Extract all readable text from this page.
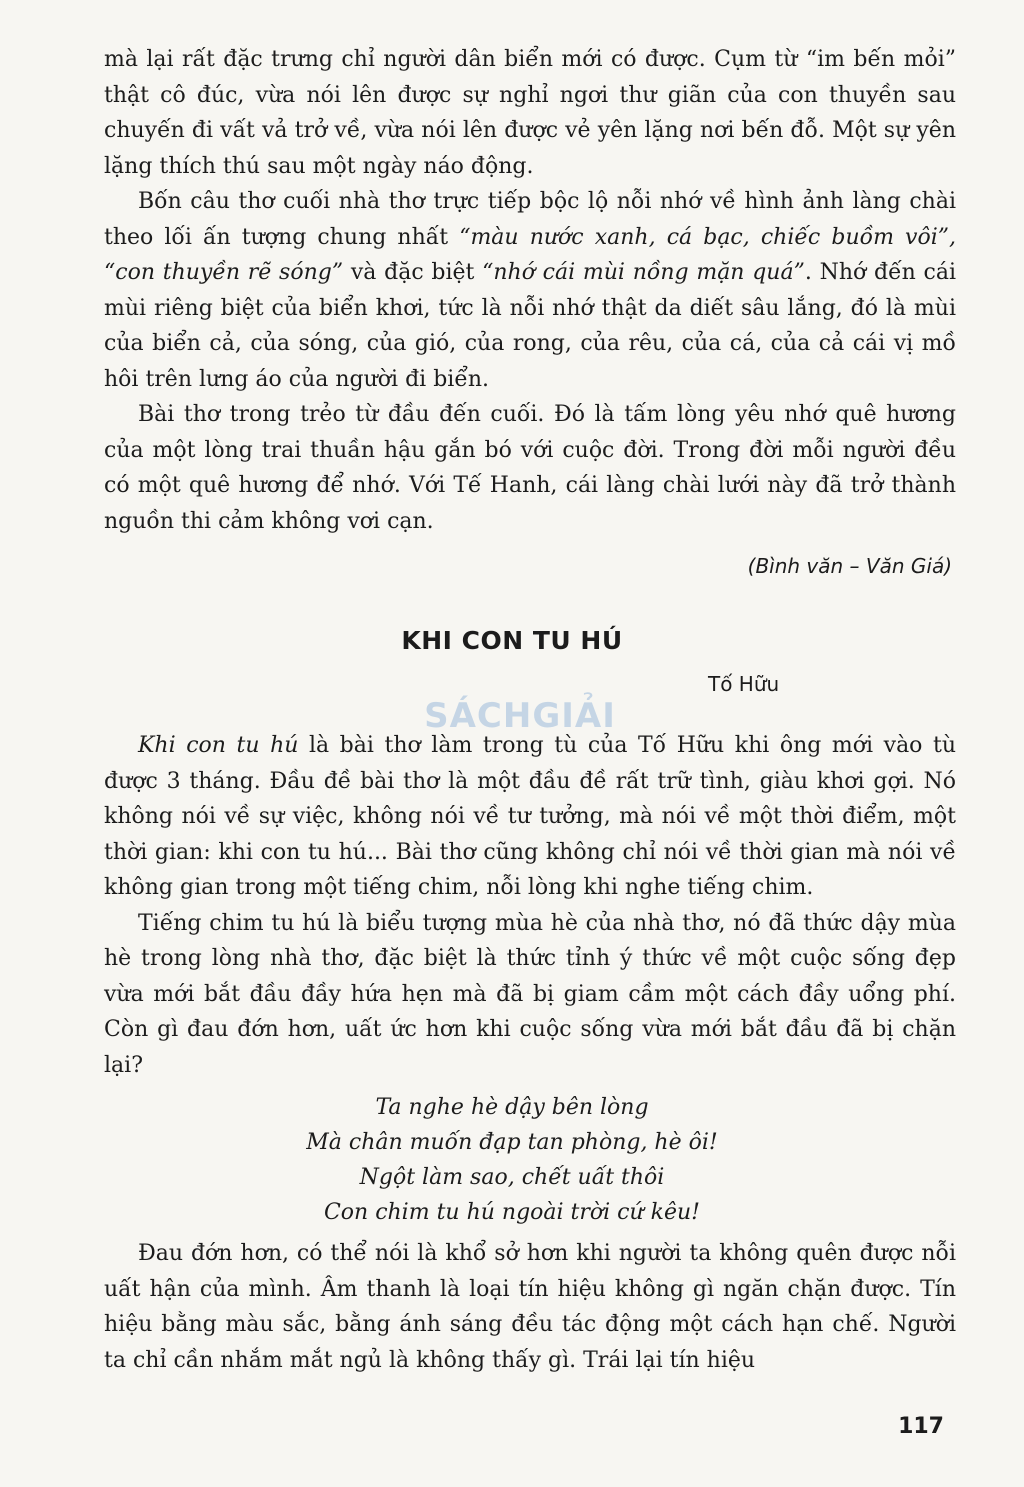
mà lại rất đặc trưng chỉ người dân biển mới có được. Cụm từ “im bến mỏi” thật cô đúc, vừa nói lên được sự nghỉ ngơi thư giãn của con thuyền sau chuyến đi vất vả trở về, vừa nói lên được vẻ yên lặng nơi bến đỗ. Một sự yên lặng thích thú sau một ngày náo động.

Bốn câu thơ cuối nhà thơ trực tiếp bộc lộ nỗi nhớ về hình ảnh làng chài theo lối ấn tượng chung nhất “màu nước xanh, cá bạc, chiếc buồm vôi”, “con thuyền rẽ sóng” và đặc biệt “nhớ cái mùi nồng mặn quá”. Nhớ đến cái mùi riêng biệt của biển khơi, tức là nỗi nhớ thật da diết sâu lắng, đó là mùi của biển cả, của sóng, của gió, của rong, của rêu, của cá, của cả cái vị mồ hôi trên lưng áo của người đi biển.

Bài thơ trong trẻo từ đầu đến cuối. Đó là tấm lòng yêu nhớ quê hương của một lòng trai thuần hậu gắn bó với cuộc đời. Trong đời mỗi người đều có một quê hương để nhớ. Với Tế Hanh, cái làng chài lưới này đã trở thành nguồn thi cảm không vơi cạn.

(Bình văn – Văn Giá)
KHI CON TU HÚ
Tố Hữu
SÁCHGIẢI

Khi con tu hú là bài thơ làm trong tù của Tố Hữu khi ông mới vào tù được 3 tháng. Đầu đề bài thơ là một đầu đề rất trữ tình, giàu khơi gợi. Nó không nói về sự việc, không nói về tư tưởng, mà nói về một thời điểm, một thời gian: khi con tu hú... Bài thơ cũng không chỉ nói về thời gian mà nói về không gian trong một tiếng chim, nỗi lòng khi nghe tiếng chim.

Tiếng chim tu hú là biểu tượng mùa hè của nhà thơ, nó đã thức dậy mùa hè trong lòng nhà thơ, đặc biệt là thức tỉnh ý thức về một cuộc sống đẹp vừa mới bắt đầu đầy hứa hẹn mà đã bị giam cầm một cách đầy uổng phí. Còn gì đau đớn hơn, uất ức hơn khi cuộc sống vừa mới bắt đầu đã bị chặn lại?

Ta nghe hè dậy bên lòng
Mà chân muốn đạp tan phòng, hè ôi!
Ngột làm sao, chết uất thôi
Con chim tu hú ngoài trời cứ kêu!

Đau đớn hơn, có thể nói là khổ sở hơn khi người ta không quên được nỗi uất hận của mình. Âm thanh là loại tín hiệu không gì ngăn chặn được. Tín hiệu bằng màu sắc, bằng ánh sáng đều tác động một cách hạn chế. Người ta chỉ cần nhắm mắt ngủ là không thấy gì. Trái lại tín hiệu

117
